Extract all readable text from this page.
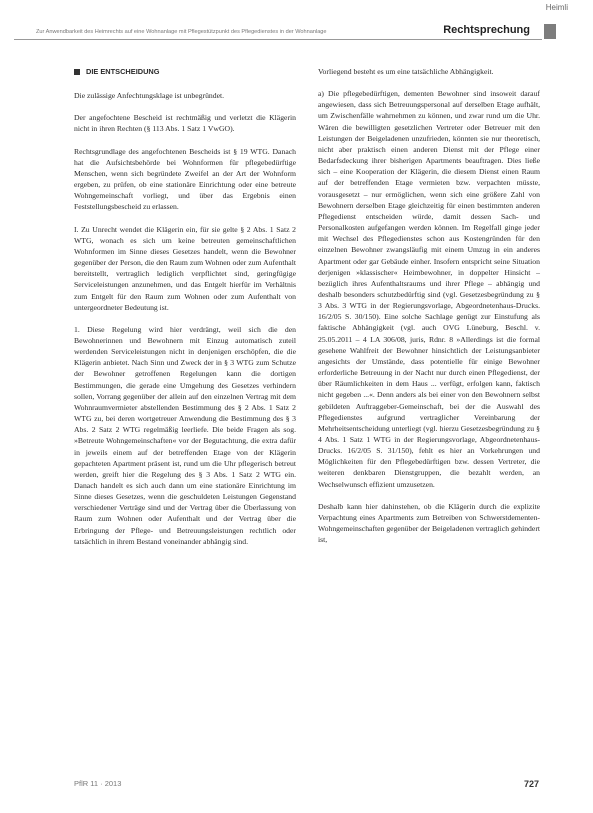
Heimli
Zur Anwendbarkeit des Heimrechts auf eine Wohnanlage mit Pflegestützpunkt des Pflegedienstes in der Wohnanlage	Rechtsprechung
DIE ENTSCHEIDUNG

Die zulässige Anfechtungsklage ist unbegründet.

Der angefochtene Bescheid ist rechtmäßig und verletzt die Klägerin nicht in ihren Rechten (§ 113 Abs. 1 Satz 1 VwGO).

Rechtsgrundlage des angefochtenen Bescheids ist § 19 WTG. Danach hat die Aufsichtsbehörde bei Wohnformen für pflegebedürftige Menschen, wenn sich begründete Zweifel an der Art der Wohnform ergeben, zu prüfen, ob eine stationäre Einrichtung oder eine betreute Wohngemeinschaft vorliegt, und über das Ergebnis einen Feststellungsbescheid zu erlassen.

I. Zu Unrecht wendet die Klägerin ein, für sie gelte § 2 Abs. 1 Satz 2 WTG, wonach es sich um keine betreuten gemeinschaftlichen Wohnformen im Sinne dieses Gesetzes handelt, wenn die Bewohner gegenüber der Person, die den Raum zum Wohnen oder zum Aufenthalt bereitstellt, vertraglich lediglich verpflichtet sind, geringfügige Serviceleistungen anzunehmen, und das Entgelt hierfür im Verhältnis zum Entgelt für den Raum zum Wohnen oder zum Aufenthalt von untergeordneter Bedeutung ist.

1. Diese Regelung wird hier verdrängt, weil sich die den Bewohnerinnen und Bewohnern mit Einzug automatisch zuteil werdenden Serviceleistungen nicht in denjenigen erschöpfen, die die Klägerin anbietet. Nach Sinn und Zweck der in § 3 WTG zum Schutze der Bewohner getroffenen Regelungen kann die dortigen Bestimmungen, die gerade eine Umgehung des Gesetzes verhindern sollen, Vorrang gegenüber der allein auf den einzelnen Vertrag mit dem Wohnraumvermieter abstellenden Bestimmung des § 2 Abs. 1 Satz 2 WTG zu, bei deren wortgetreuer Anwendung die Bestimmung des § 3 Abs. 2 Satz 2 WTG regelmäßig leerliefe. Die beide Fragen als sog. »Betreute Wohngemeinschaften« vor der Begutachtung, die extra dafür in jeweils einem auf der betreffenden Etage von der Klägerin gepachteten Apartment präsent ist, rund um die Uhr pflegerisch betreut werden, greift hier die Regelung des § 3 Abs. 1 Satz 2 WTG ein. Danach handelt es sich auch dann um eine stationäre Einrichtung im Sinne dieses Gesetzes, wenn die geschuldeten Leistungen Gegenstand verschiedener Verträge sind und der Vertrag über die Überlassung von Raum zum Wohnen oder Aufenthalt und der Vertrag über die Erbringung der Pflege- und Betreuungsleistungen rechtlich oder tatsächlich in ihrem Bestand voneinander abhängig sind.

Vorliegend besteht es um eine tatsächliche Abhängigkeit.

a) Die pflegebedürftigen, dementen Bewohner sind insoweit darauf angewiesen, dass sich Betreuungspersonal auf derselben Etage aufhält, um Zwischenfälle wahrnehmen zu können, und zwar rund um die Uhr. Wären die bewilligten gesetzlichen Vertreter oder Betreuer mit den Leistungen der Beigeladenen unzufrieden, könnten sie nur theoretisch, nicht aber praktisch einen anderen Dienst mit der Pflege einer Bedarfsdeckung ihrer bisherigen Apartments beauftragen. Dies ließe sich – eine Kooperation der Klägerin, die diesem Dienst einen Raum auf der betreffenden Etage vermieten bzw. verpachten müsste, vorausgesetzt – nur ermöglichen, wenn sich eine größere Zahl von Bewohnern derselben Etage gleichzeitig für einen bestimmten anderen Pflegedienst entscheiden würde, damit dessen Sach- und Personalkosten aufgefangen werden können. Im Regelfall ginge jeder mit Wechsel des Pflegedienstes schon aus Kostengründen für den einzelnen Bewohner zwangsläufig mit einem Umzug in ein anderes Apartment oder gar Gebäude einher. Insofern entspricht seine Situation derjenigen »klassischer« Heimbewohner, in doppelter Hinsicht – bezüglich ihres Aufenthaltsraums und ihrer Pflege – abhängig und deshalb besonders schutzbedürftig sind (vgl. Gesetzesbegründung zu § 3 Abs. 3 WTG in der Regierungsvorlage, Abgeordnetenhaus-Drucks. 16/2/05 S. 30/150). Eine solche Sachlage genügt zur Einstufung als faktische Abhängigkeit (vgl. auch OVG Lüneburg, Beschl. v. 25.05.2011 – 4 LA 306/08, juris, Rdnr. 8 »Allerdings ist die formal gesehene Wahlfreit der Bewohner hinsichtlich der Leistungsanbieter angesichts der Umstände, dass potentielle für einige Bewohner erforderliche Betreuung in der Nacht nur durch einen Pflegedienst, der über Räumlichkeiten in dem Haus ... verfügt, erfolgen kann, faktisch nicht gegeben ...«. Denn anders als bei einer von den Bewohnern selbst gebildeten Auftraggeber-Gemeinschaft, bei der die Auswahl des Pflegedienstes aufgrund vertraglicher Vereinbarung der Mehrheitsentscheidung unterliegt (vgl. hierzu Gesetzesbegründung zu § 4 Abs. 1 Satz 1 WTG in der Regierungsvorlage, Abgeordnetenhaus-Drucks. 16/2/05 S. 31/150), fehlt es hier an Vorkehrungen und Möglichkeiten für den Pflegebedürftigen bzw. dessen Vertreter, die weiteren denkbaren Dienstgruppen, die bezahlt werden, an Wechselwunsch effizient umzusetzen.

Deshalb kann hier dahinstehen, ob die Klägerin durch die explizite Verpachtung eines Apartments zum Betreiben von Schwerstdementen-Wohngemeinschaften gegenüber der Beigeladenen vertraglich gehindert ist,

PflR 11 · 2013	727
